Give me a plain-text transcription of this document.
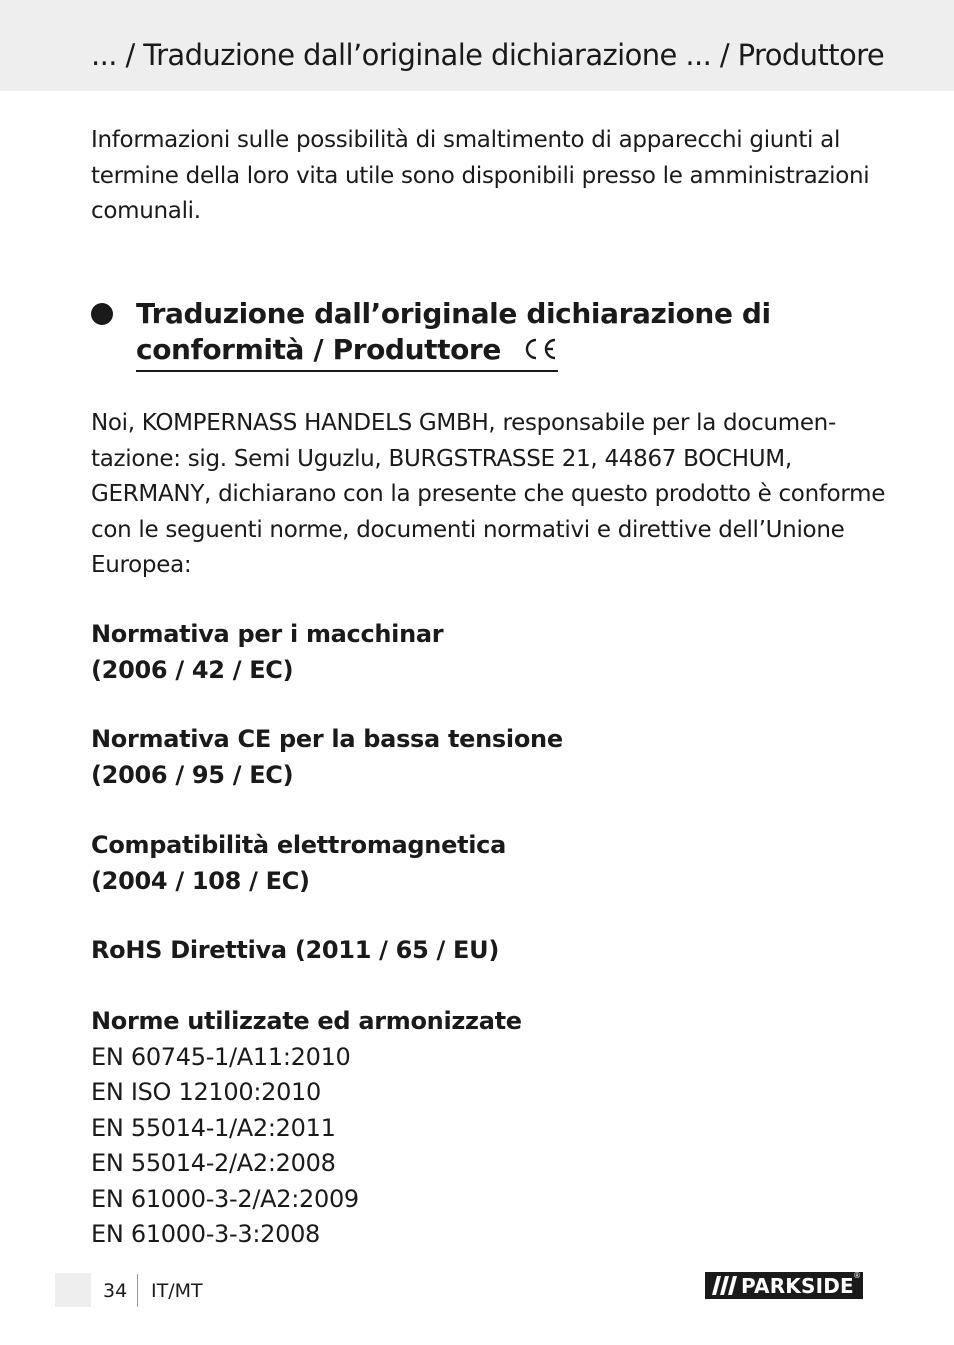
... / Traduzione dall’originale dichiarazione ... / Produttore

Informazioni sulle possibilità di smaltimento di apparecchi giunti al
termine della loro vita utile sono disponibili presso le amministrazioni
comunali.

Traduzione dall’originale dichiarazione di
conformità / Produttore

Noi, KOMPERNASS HANDELS GMBH, responsabile per la documen-
tazione: sig. Semi Uguzlu, BURGSTRASSE 21, 44867 BOCHUM,
GERMANY, dichiarano con la presente che questo prodotto è conforme
con le seguenti norme, documenti normativi e direttive dell’Unione
Europea:

Normativa per i macchinar
(2006 / 42 / EC)
Normativa CE per la bassa tensione
(2006 / 95 / EC)
Compatibilità elettromagnetica
(2004 / 108 / EC)
RoHS Direttiva (2011 / 65 / EU)
Norme utilizzate ed armonizzate
EN 60745-1/A11:2010
EN ISO 12100:2010
EN 55014-1/A2:2011
EN 55014-2/A2:2008
EN 61000-3-2/A2:2009
EN 61000-3-3:2008
34 IT/MT	PARKSIDE ®
